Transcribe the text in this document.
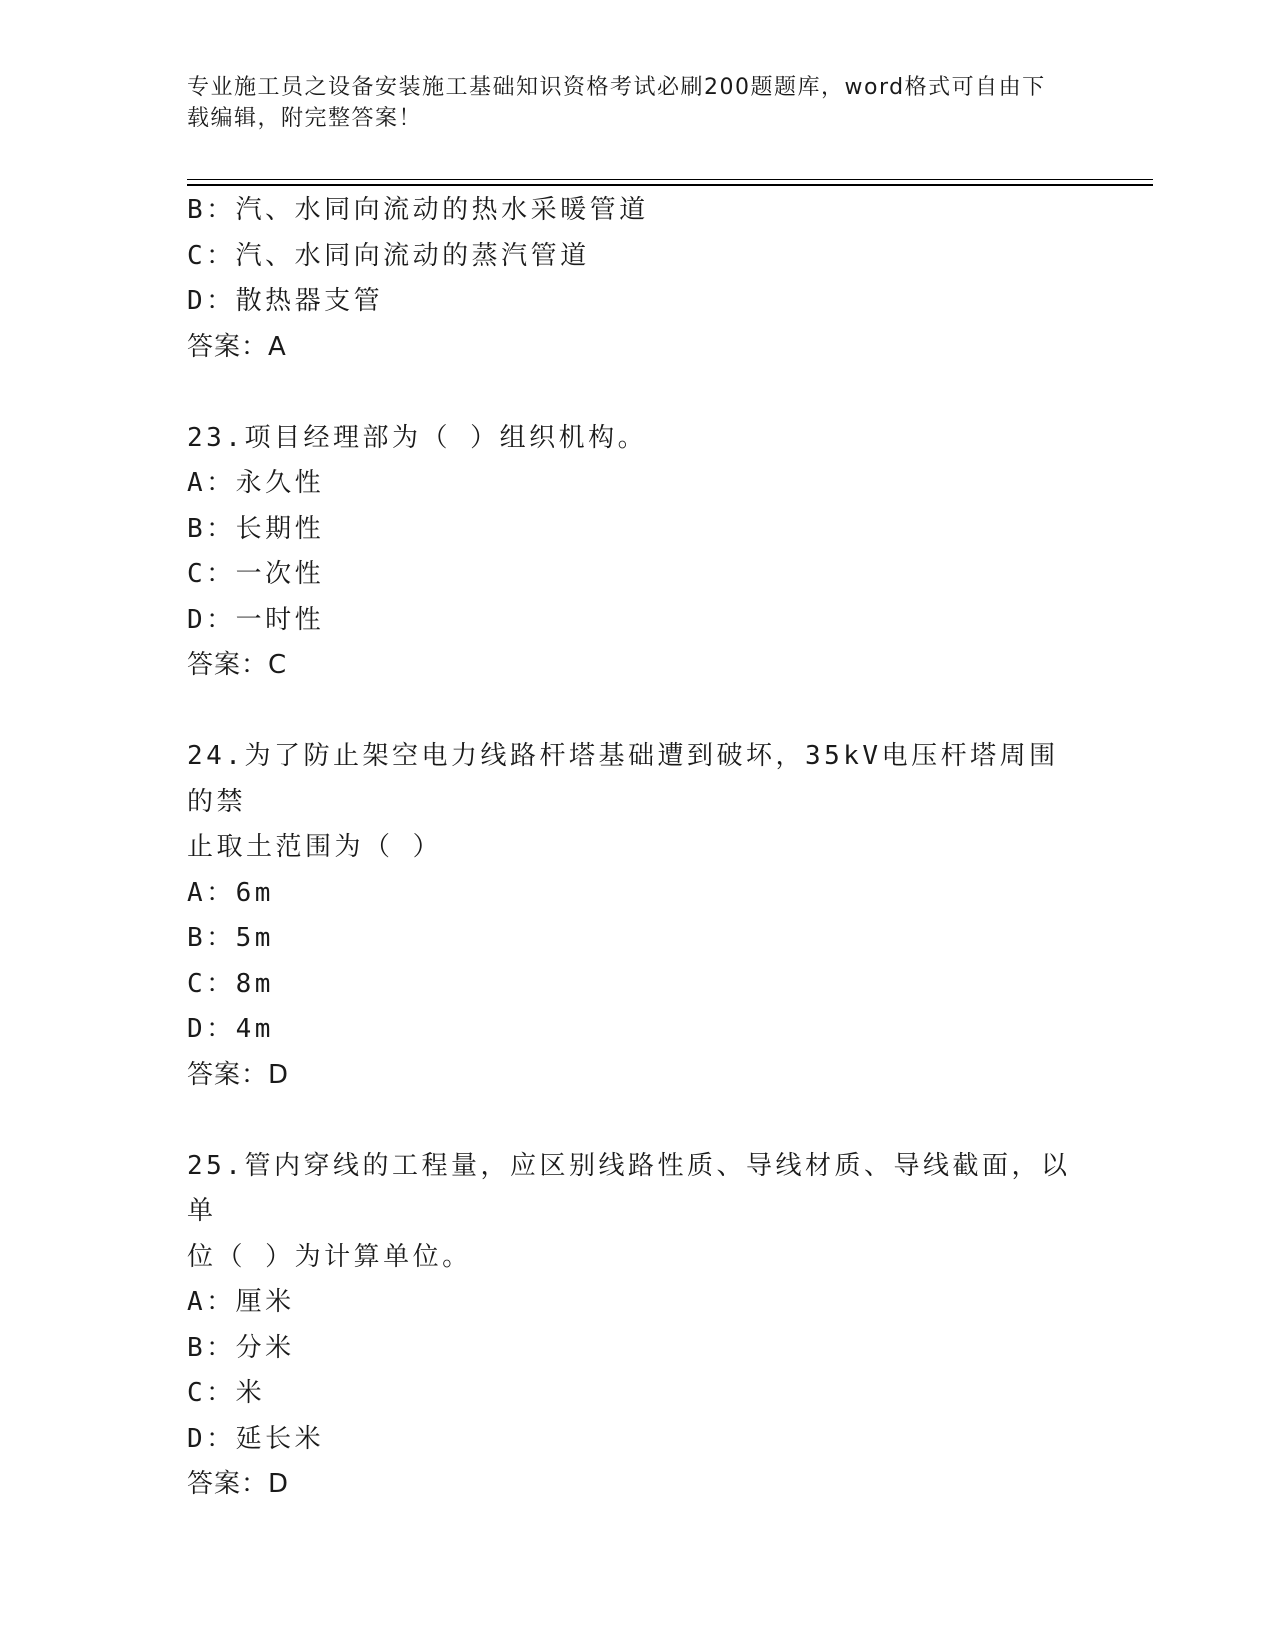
专业施工员之设备安装施工基础知识资格考试必刷200题题库，word格式可自由下载编辑，附完整答案！
B：汽、水同向流动的热水采暖管道
C：汽、水同向流动的蒸汽管道
D：散热器支管
答案：A
23.项目经理部为（ ）组织机构。
A：永久性
B：长期性
C：一次性
D：一时性
答案：C
24.为了防止架空电力线路杆塔基础遭到破坏，35kV电压杆塔周围的禁
止取土范围为（ ）
A：6m
B：5m
C：8m
D：4m
答案：D
25.管内穿线的工程量，应区别线路性质、导线材质、导线截面，以单
位（ ）为计算单位。
A：厘米
B：分米
C：米
D：延长米
答案：D
